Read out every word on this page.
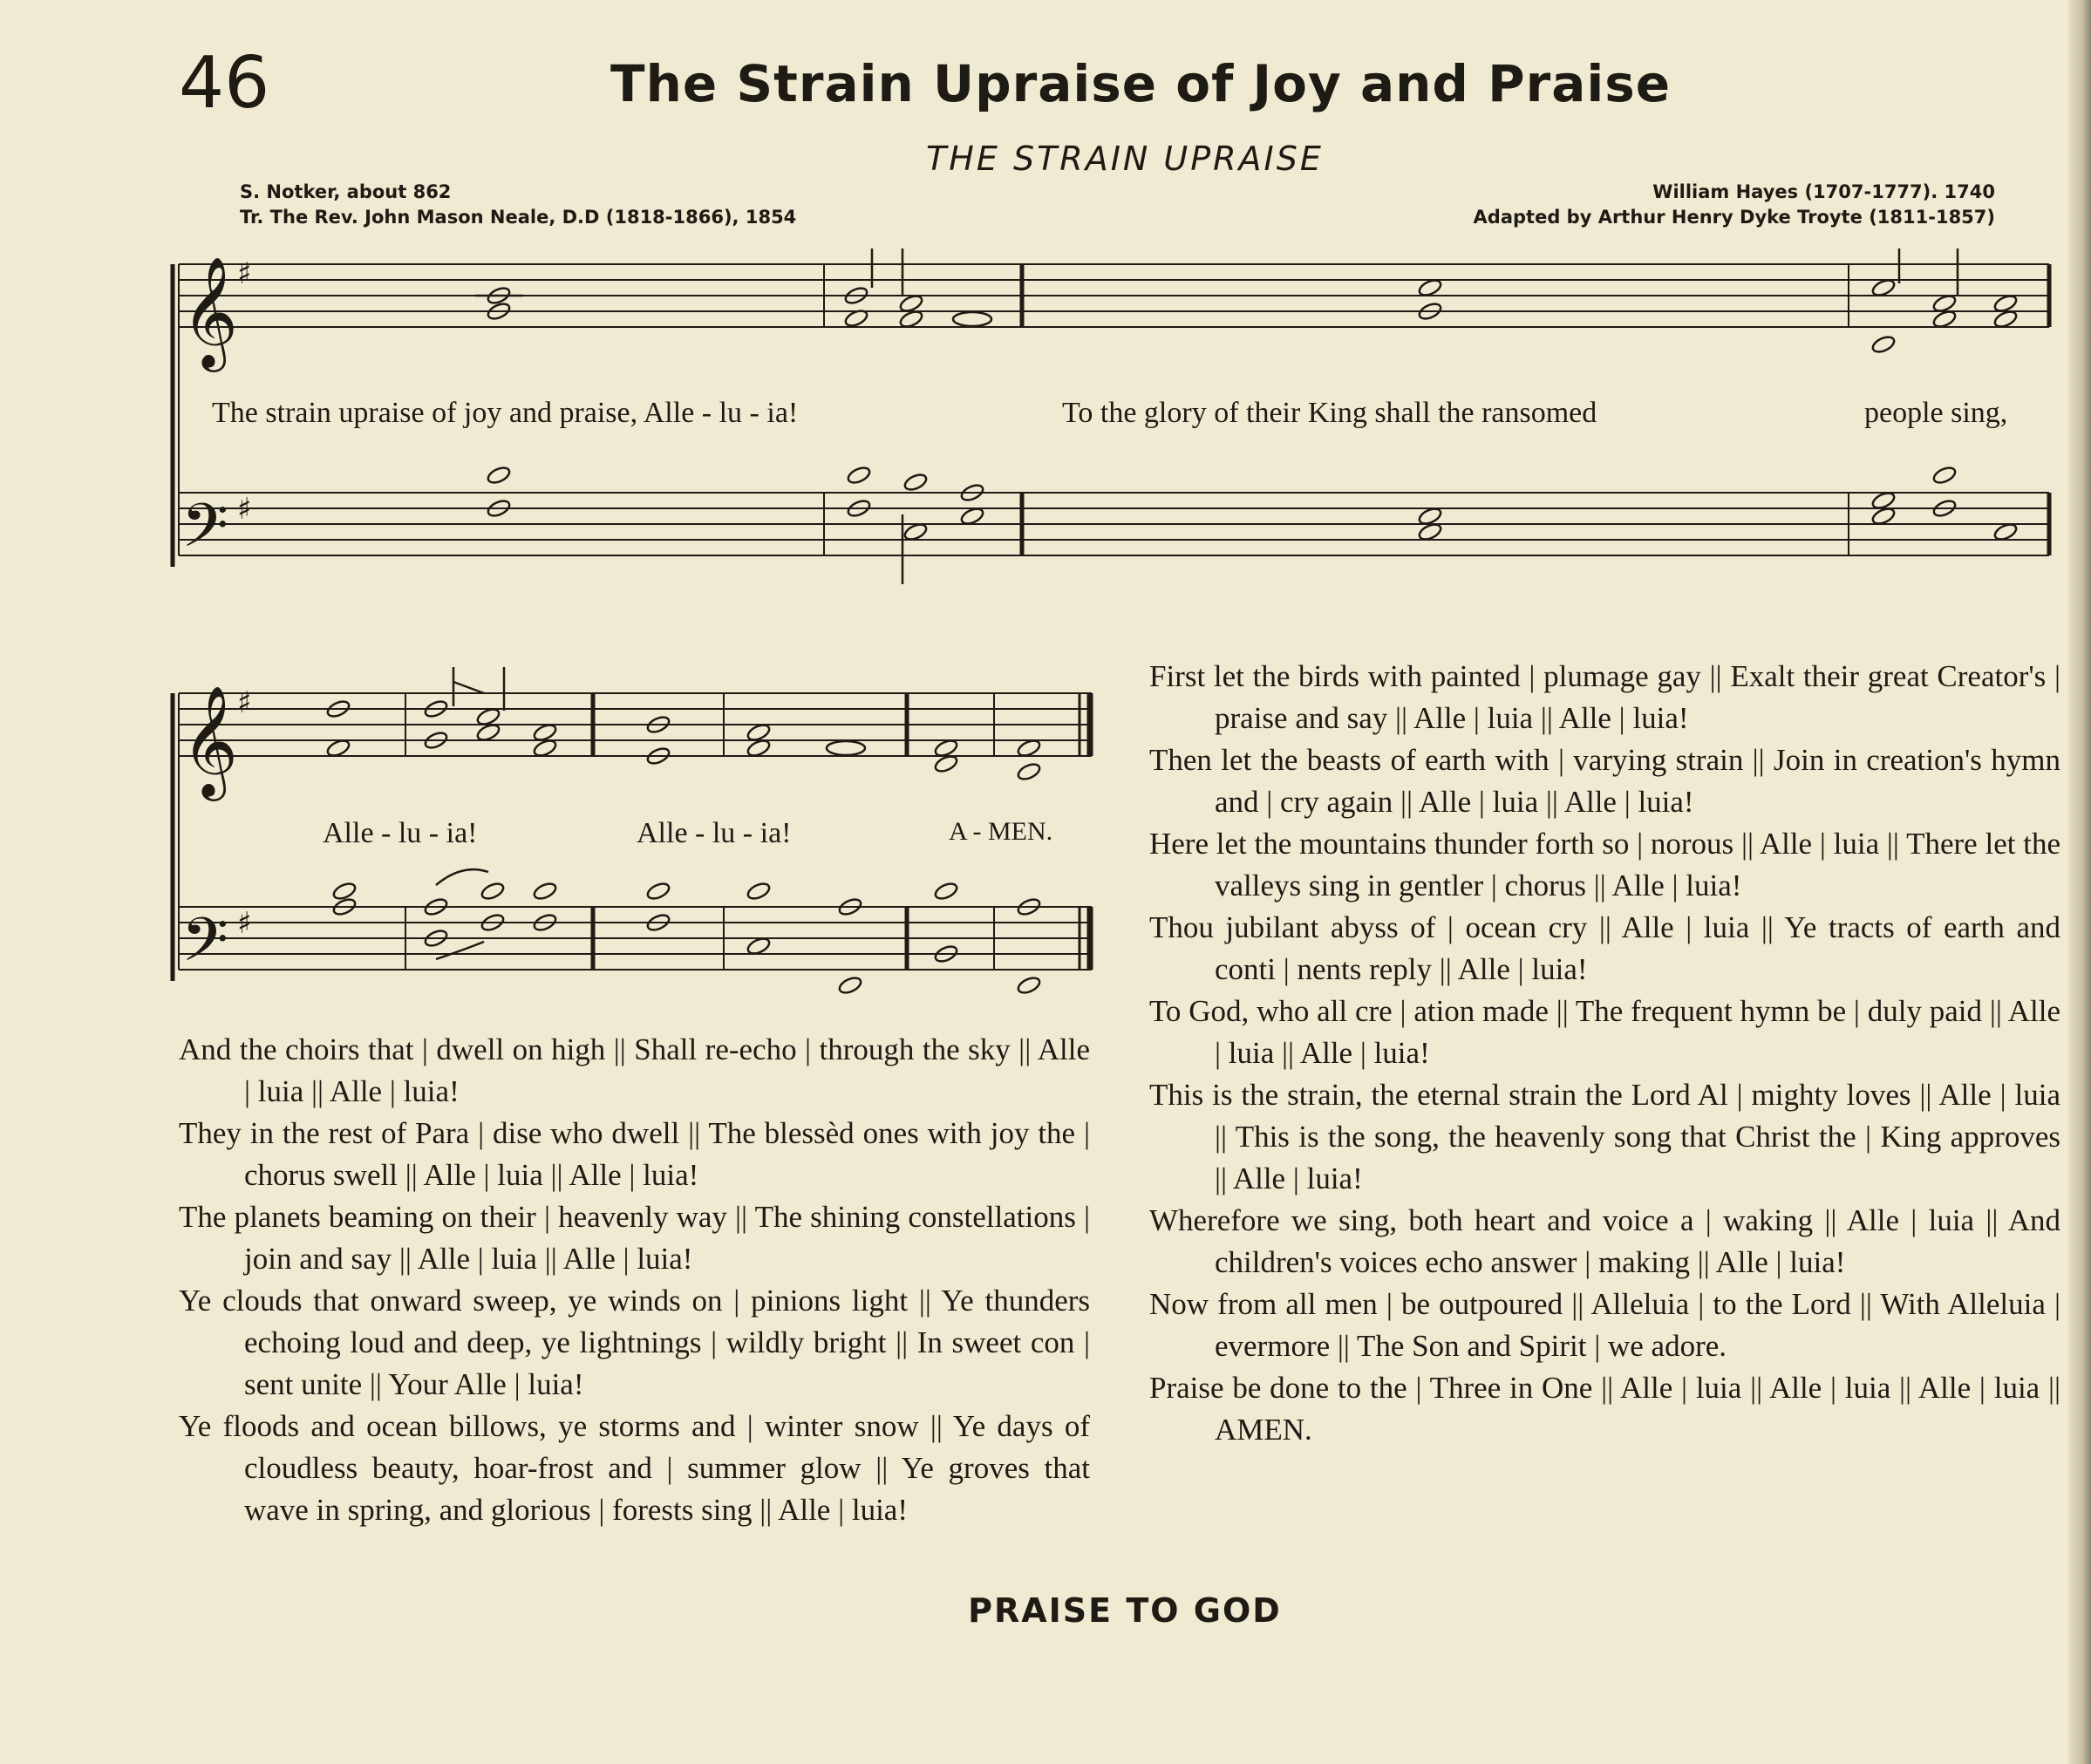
46	The Strain Upraise of Joy and Praise
THE STRAIN UPRAISE
S. Notker, about 862
Tr. The Rev. John Mason Neale, D.D (1818-1866), 1854
William Hayes (1707-1777). 1740
Adapted by Arthur Henry Dyke Troyte (1811-1857)
𝄞
𝄢
♯
♯
𝄞
𝄢
♯
♯
The strain upraise of joy and praise, Alle - lu - ia!	To the glory of their King shall the ransomed	people sing,
Alle - lu - ia!	Alle - lu - ia!	A - MEN.

And the choirs that | dwell on high || Shall re-echo | through the sky || Alle | luia || Alle | luia!

They in the rest of Para | dise who dwell || The blessèd ones with joy the | chorus swell || Alle | luia || Alle | luia!

The planets beaming on their | heavenly way || The shining constellations | join and say || Alle | luia || Alle | luia!

Ye clouds that onward sweep, ye winds on | pinions light || Ye thunders echoing loud and deep, ye lightnings | wildly bright || In sweet con | sent unite || Your Alle | luia!

Ye floods and ocean billows, ye storms and | winter snow || Ye days of cloudless beauty, hoar-frost and | summer glow || Ye groves that wave in spring, and glorious | forests sing || Alle | luia!

First let the birds with painted | plumage gay || Exalt their great Creator's | praise and say || Alle | luia || Alle | luia!

Then let the beasts of earth with | varying strain || Join in creation's hymn and | cry again || Alle | luia || Alle | luia!

Here let the mountains thunder forth so | norous || Alle | luia || There let the valleys sing in gentler | chorus || Alle | luia!

Thou jubilant abyss of | ocean cry || Alle | luia || Ye tracts of earth and conti | nents reply || Alle | luia!

To God, who all cre | ation made || The frequent hymn be | duly paid || Alle | luia || Alle | luia!

This is the strain, the eternal strain the Lord Al | mighty loves || Alle | luia || This is the song, the heavenly song that Christ the | King approves || Alle | luia!

Wherefore we sing, both heart and voice a | waking || Alle | luia || And children's voices echo answer | making || Alle | luia!

Now from all men | be outpoured || Alleluia | to the Lord || With Alleluia | evermore || The Son and Spirit | we adore.

Praise be done to the | Three in One || Alle | luia || Alle | luia || Alle | luia || AMEN.

PRAISE TO GOD
